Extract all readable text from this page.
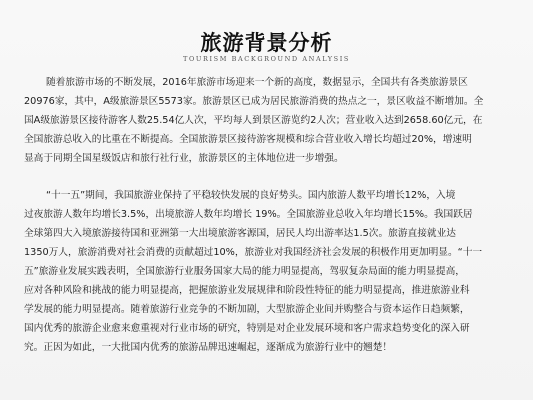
旅游背景分析
TOURISM BACKGROUND ANALYSIS
随着旅游市场的不断发展，2016年旅游市场迎来一个新的高度，数据显示，全国共有各类旅游景区
20976家，其中，A级旅游景区5573家。旅游景区已成为居民旅游消费的热点之一，景区收益不断增加。全
国A级旅游景区接待游客人数25.54亿人次，平均每人到景区游览约2人次；营业收入达到2658.60亿元，在
全国旅游总收入的比重在不断提高。全国旅游景区接待游客规模和综合营业收入增长均超过20%，增速明
显高于同期全国星级饭店和旅行社行业，旅游景区的主体地位进一步增强。
“十一五”期间，我国旅游业保持了平稳较快发展的良好势头。国内旅游人数平均增长12%，入境
过夜旅游人数年均增长3.5%，出境旅游人数年均增长 19%。全国旅游业总收入年均增长15%。我国跃居
全球第四大入境旅游接待国和亚洲第一大出境旅游客源国，居民人均出游率达1.5次。旅游直接就业达
1350万人，旅游消费对社会消费的贡献超过10%，旅游业对我国经济社会发展的积极作用更加明显。“十一
五”旅游业发展实践表明，全国旅游行业服务国家大局的能力明显提高，驾驭复杂局面的能力明显提高，
应对各种风险和挑战的能力明显提高，把握旅游业发展规律和阶段性特征的能力明显提高，推进旅游业科
学发展的能力明显提高。随着旅游行业竞争的不断加剧，大型旅游企业间并购整合与资本运作日趋频繁，
国内优秀的旅游企业愈来愈重视对行业市场的研究，特别是对企业发展环境和客户需求趋势变化的深入研
究。正因为如此，一大批国内优秀的旅游品牌迅速崛起，逐渐成为旅游行业中的翘楚！
